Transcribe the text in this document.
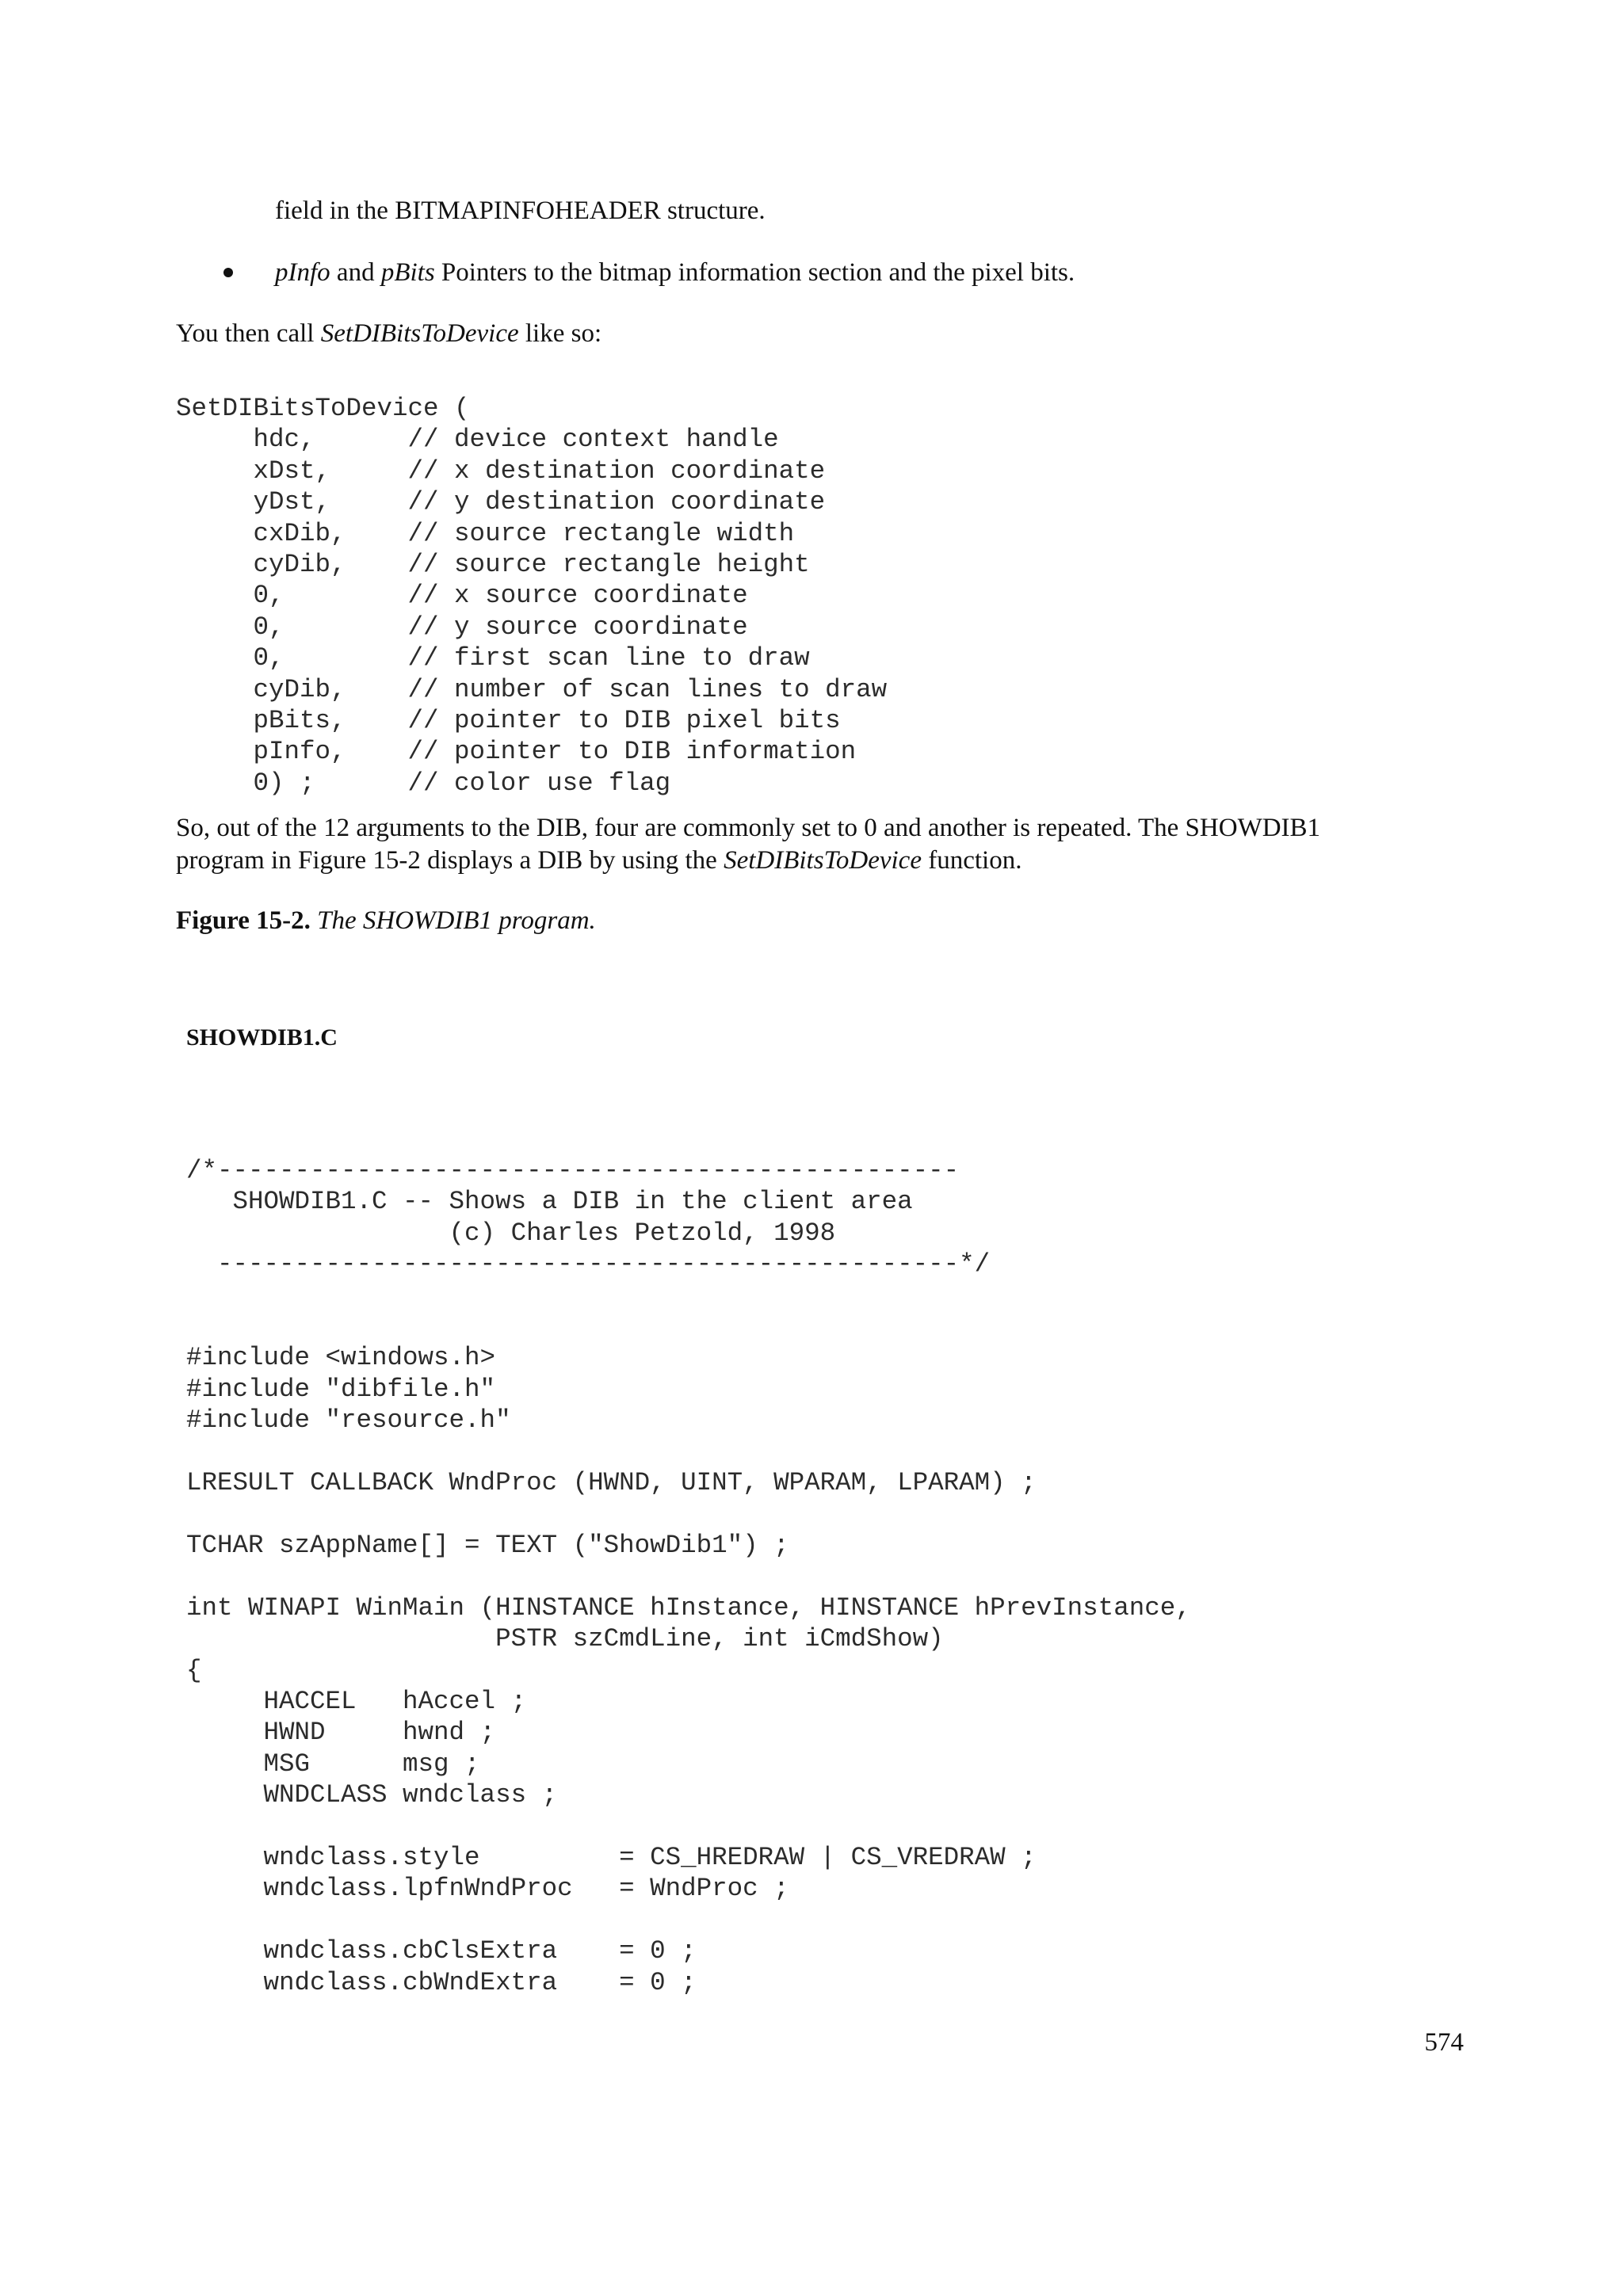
field in the BITMAPINFOHEADER structure.
pInfo and pBits Pointers to the bitmap information section and the pixel bits.
You then call SetDIBitsToDevice like so:
SetDIBitsToDevice (
hdc,      // device context handle
xDst,     // x destination coordinate
yDst,     // y destination coordinate
cxDib,    // source rectangle width
cyDib,    // source rectangle height
0,        // x source coordinate
0,        // y source coordinate
0,        // first scan line to draw
cyDib,    // number of scan lines to draw
pBits,    // pointer to DIB pixel bits
pInfo,    // pointer to DIB information
0) ;      // color use flag
So, out of the 12 arguments to the DIB, four are commonly set to 0 and another is repeated. The SHOWDIB1
program in Figure 15-2 displays a DIB by using the SetDIBitsToDevice function.
Figure 15-2. The SHOWDIB1 program.
SHOWDIB1.C
/*------------------------------------------------
SHOWDIB1.C -- Shows a DIB in the client area
(c) Charles Petzold, 1998
------------------------------------------------*/

#include <windows.h>
#include "dibfile.h"
#include "resource.h"

LRESULT CALLBACK WndProc (HWND, UINT, WPARAM, LPARAM) ;

TCHAR szAppName[] = TEXT ("ShowDib1") ;

int WINAPI WinMain (HINSTANCE hInstance, HINSTANCE hPrevInstance,
PSTR szCmdLine, int iCmdShow)
{
HACCEL   hAccel ;
HWND     hwnd ;
MSG      msg ;
WNDCLASS wndclass ;

wndclass.style         = CS_HREDRAW | CS_VREDRAW ;
wndclass.lpfnWndProc   = WndProc ;

wndclass.cbClsExtra    = 0 ;
wndclass.cbWndExtra    = 0 ;
574
